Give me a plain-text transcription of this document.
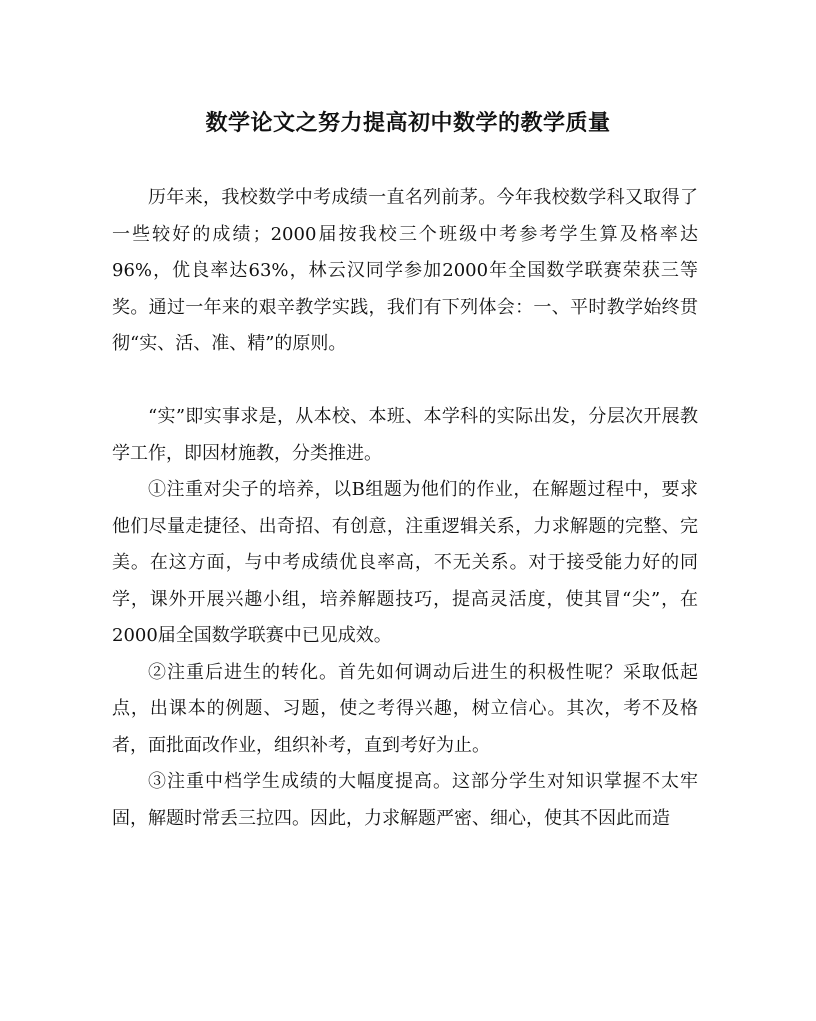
数学论文之努力提高初中数学的教学质量

历年来，我校数学中考成绩一直名列前茅。今年我校数学科又取得了一些较好的成绩；2000届按我校三个班级中考参考学生算及格率达96%，优良率达63%，林云汉同学参加2000年全国数学联赛荣获三等奖。通过一年来的艰辛教学实践，我们有下列体会：一、平时教学始终贯彻“实、活、准、精”的原则。

“实”即实事求是，从本校、本班、本学科的实际出发，分层次开展教学工作，即因材施教，分类推进。

①注重对尖子的培养，以B组题为他们的作业，在解题过程中，要求他们尽量走捷径、出奇招、有创意，注重逻辑关系，力求解题的完整、完美。在这方面，与中考成绩优良率高，不无关系。对于接受能力好的同学，课外开展兴趣小组，培养解题技巧，提高灵活度，使其冒“尖”，在2000届全国数学联赛中已见成效。

②注重后进生的转化。首先如何调动后进生的积极性呢？采取低起点，出课本的例题、习题，使之考得兴趣，树立信心。其次，考不及格者，面批面改作业，组织补考，直到考好为止。

③注重中档学生成绩的大幅度提高。这部分学生对知识掌握不太牢固，解题时常丢三拉四。因此，力求解题严密、细心，使其不因此而造
